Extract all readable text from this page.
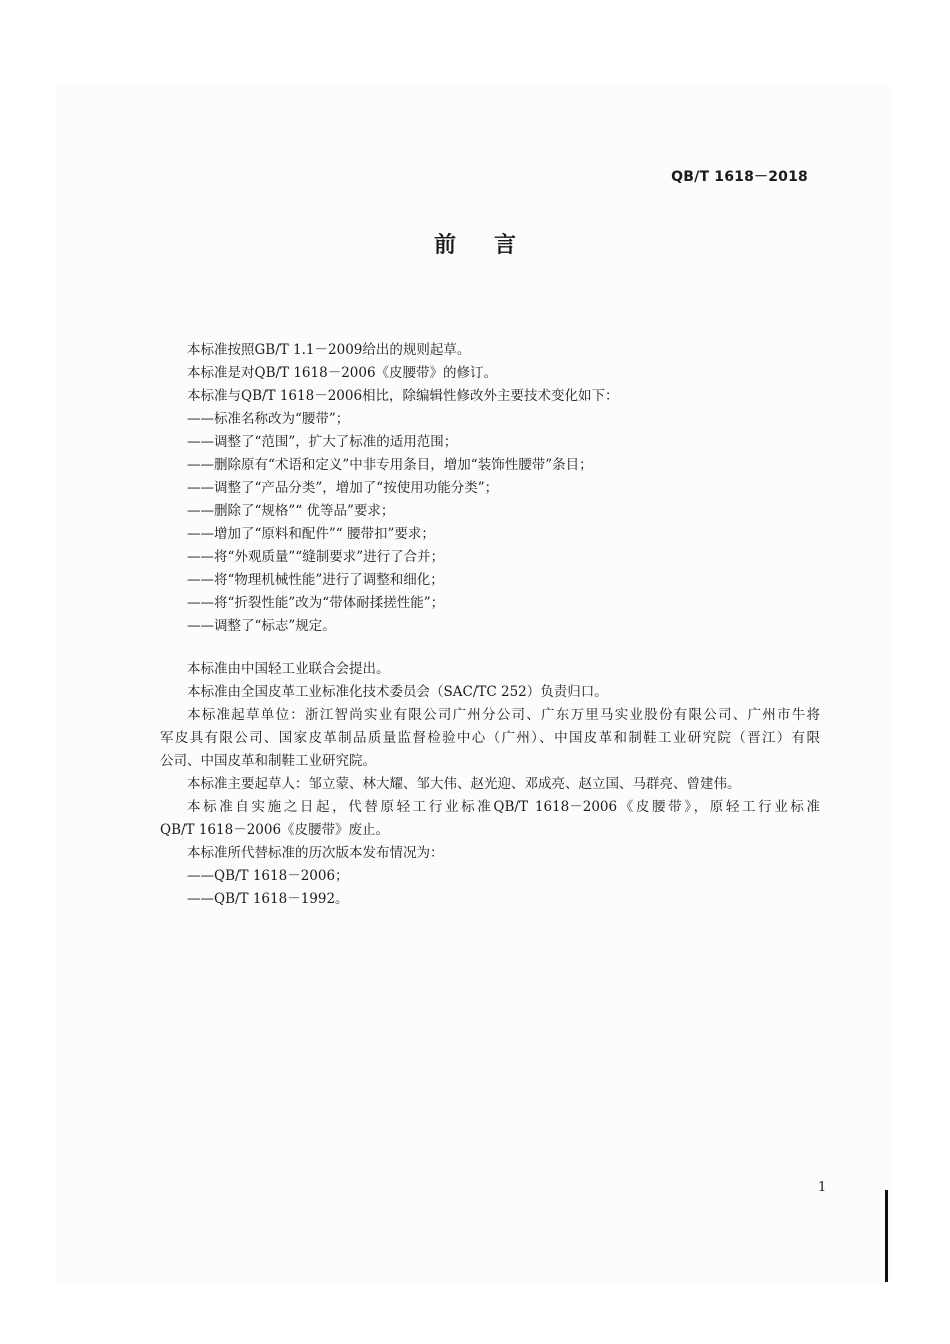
QB/T 1618－2018
前言
本标准按照GB/T 1.1－2009给出的规则起草。
本标准是对QB/T 1618－2006《皮腰带》的修订。
本标准与QB/T 1618－2006相比，除编辑性修改外主要技术变化如下：
——标准名称改为“腰带”；
——调整了“范围”，扩大了标准的适用范围；
——删除原有“术语和定义”中非专用条目，增加“装饰性腰带”条目；
——调整了“产品分类”，增加了“按使用功能分类”；
——删除了“规格”“ 优等品”要求；
——增加了“原料和配件”“ 腰带扣”要求；
——将“外观质量”“缝制要求”进行了合并；
——将“物理机械性能”进行了调整和细化；
——将“折裂性能”改为“带体耐揉搓性能”；
——调整了“标志”规定。
本标准由中国轻工业联合会提出。
本标准由全国皮革工业标准化技术委员会（SAC/TC 252）负责归口。
本标准起草单位：浙江智尚实业有限公司广州分公司、广东万里马实业股份有限公司、广州市牛将
军皮具有限公司、国家皮革制品质量监督检验中心（广州）、中国皮革和制鞋工业研究院（晋江）有限
公司、中国皮革和制鞋工业研究院。
本标准主要起草人：邹立蒙、林大耀、邹大伟、赵光迎、邓成亮、赵立国、马群亮、曾建伟。
本标准自实施之日起，代替原轻工行业标准QB/T 1618－2006《皮腰带》，原轻工行业标准
QB/T 1618－2006《皮腰带》废止。
本标准所代替标准的历次版本发布情况为：
——QB/T 1618－2006；
——QB/T 1618－1992。
1
